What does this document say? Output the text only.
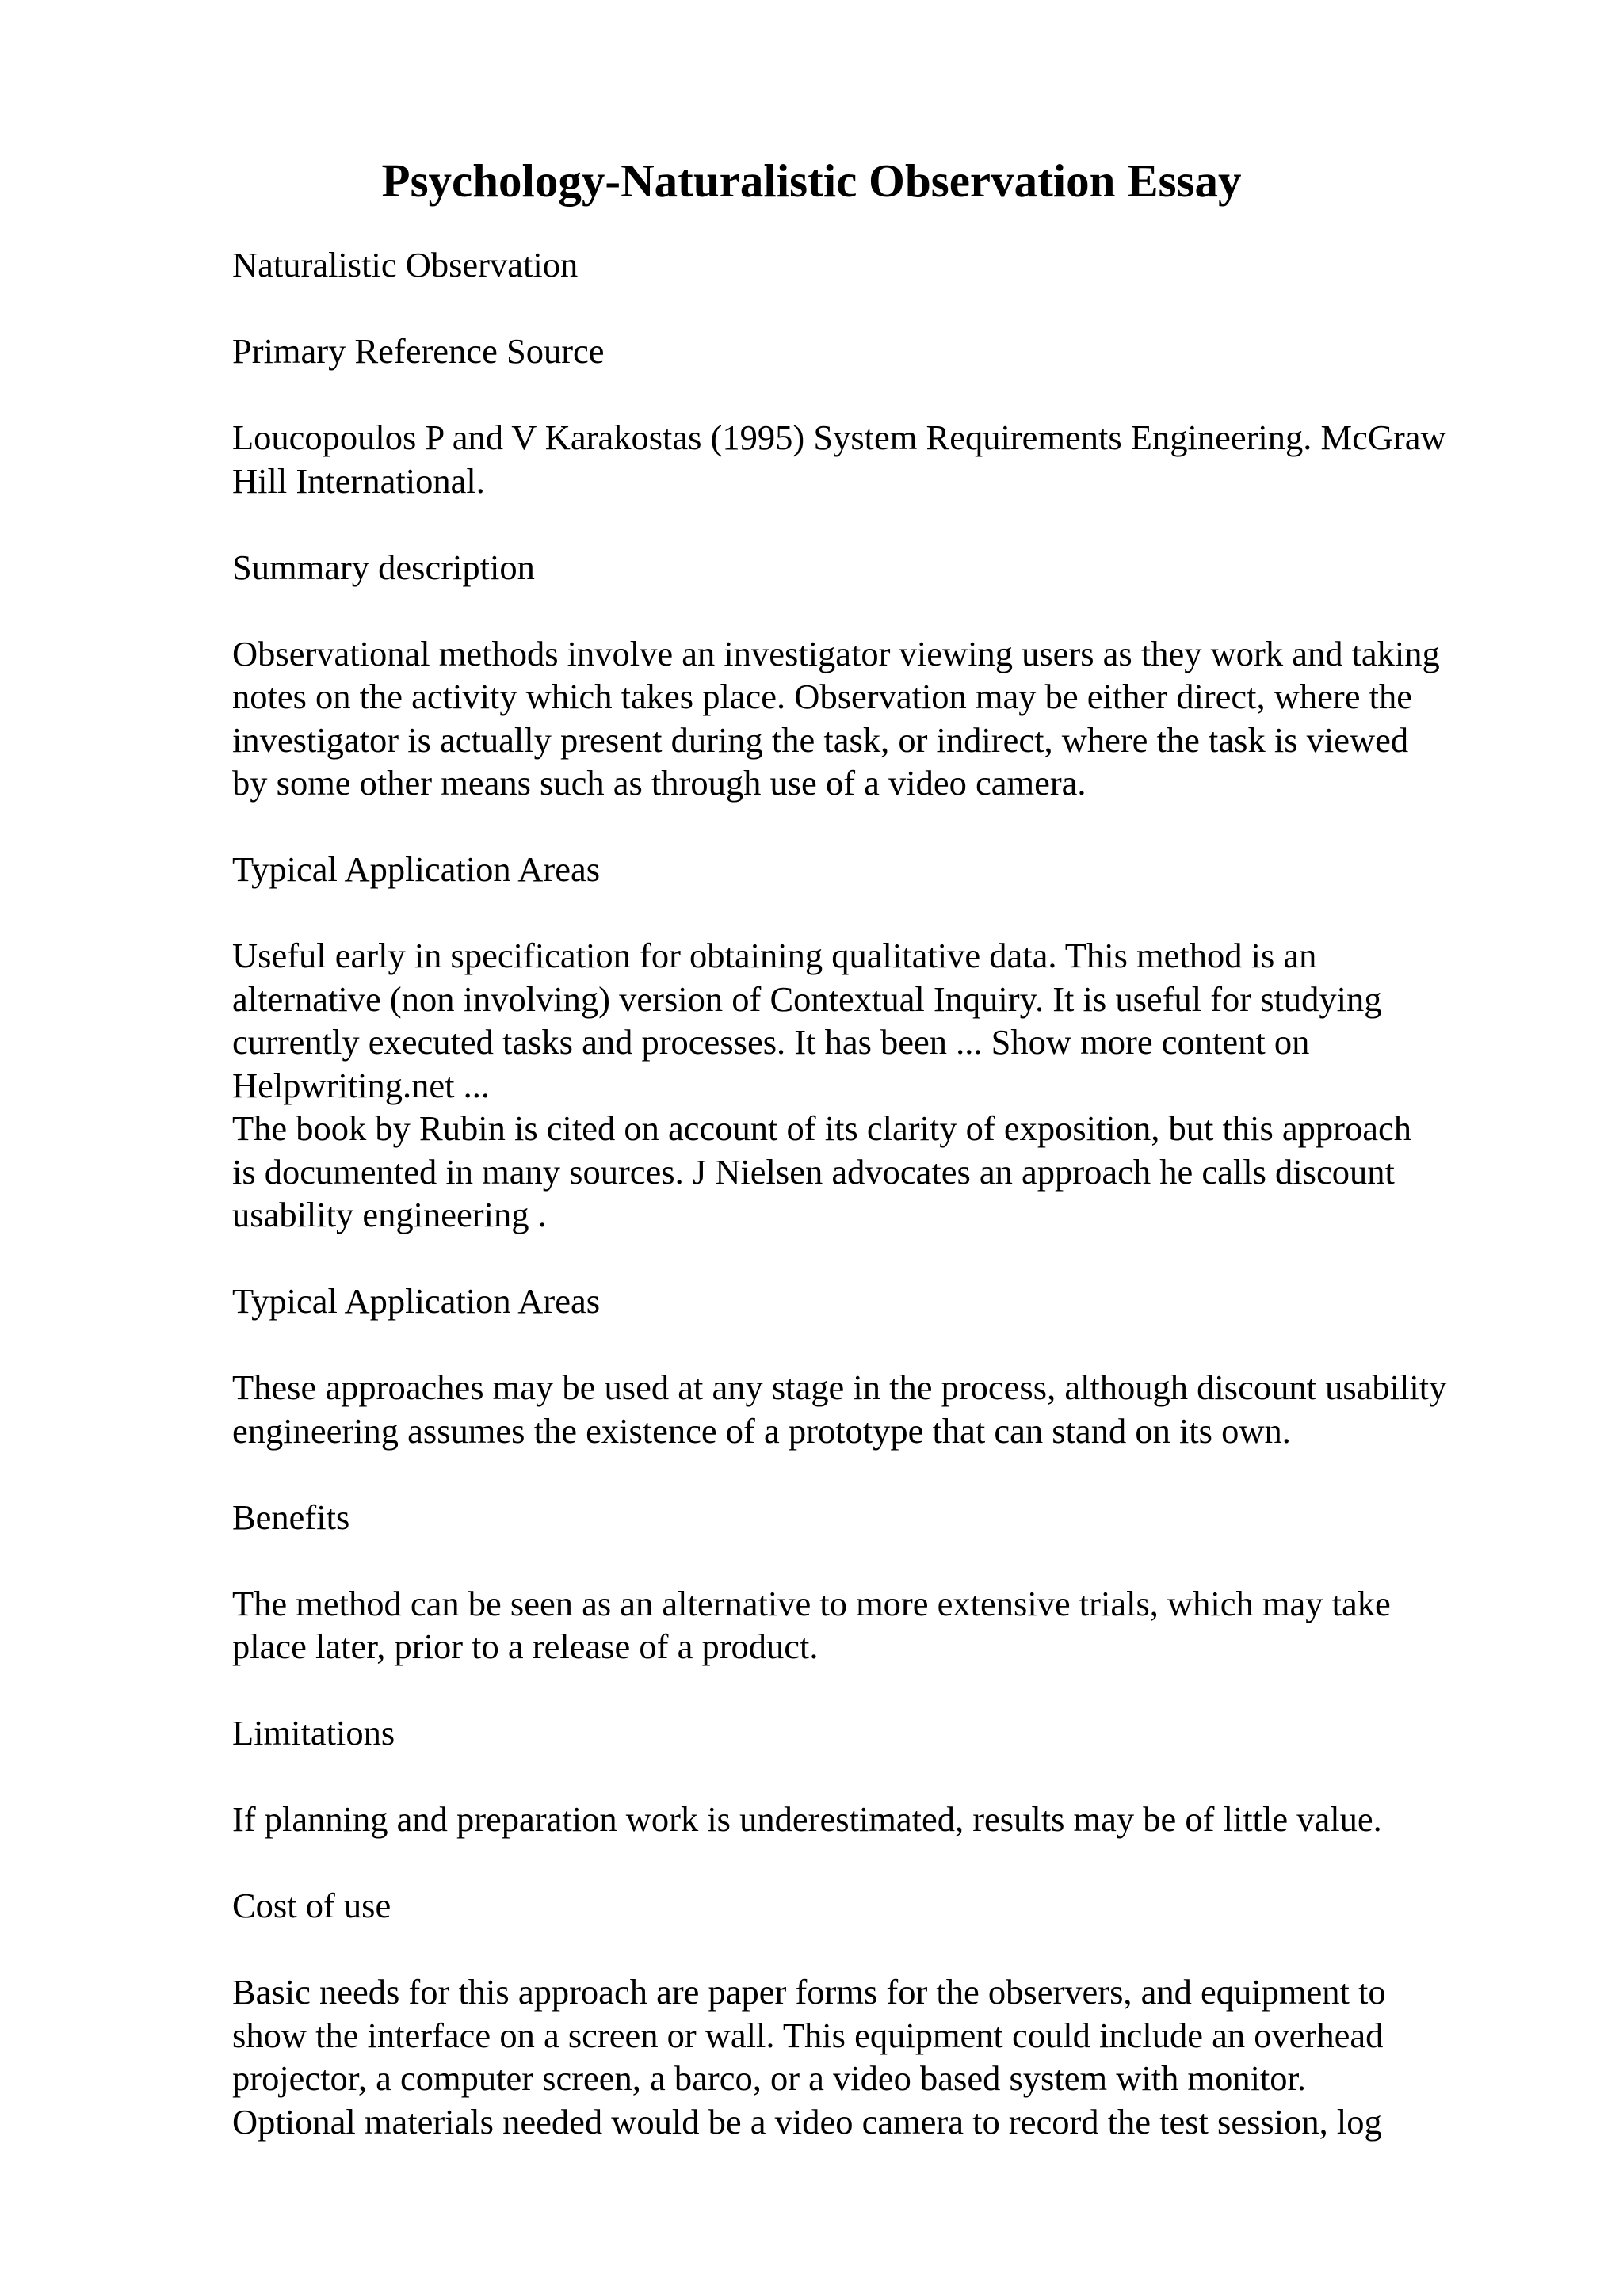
Psychology-Naturalistic Observation Essay
Naturalistic Observation
Primary Reference Source
Loucopoulos P and V Karakostas (1995) System Requirements Engineering. McGraw
Hill International.
Summary description
Observational methods involve an investigator viewing users as they work and taking
notes on the activity which takes place. Observation may be either direct, where the
investigator is actually present during the task, or indirect, where the task is viewed
by some other means such as through use of a video camera.
Typical Application Areas
Useful early in specification for obtaining qualitative data. This method is an
alternative (non involving) version of Contextual Inquiry. It is useful for studying
currently executed tasks and processes. It has been ... Show more content on
Helpwriting.net ...
The book by Rubin is cited on account of its clarity of exposition, but this approach
is documented in many sources. J Nielsen advocates an approach he calls discount
usability engineering .
Typical Application Areas
These approaches may be used at any stage in the process, although discount usability
engineering assumes the existence of a prototype that can stand on its own.
Benefits
The method can be seen as an alternative to more extensive trials, which may take
place later, prior to a release of a product.
Limitations
If planning and preparation work is underestimated, results may be of little value.
Cost of use
Basic needs for this approach are paper forms for the observers, and equipment to
show the interface on a screen or wall. This equipment could include an overhead
projector, a computer screen, a barco, or a video based system with monitor.
Optional materials needed would be a video camera to record the test session, log
